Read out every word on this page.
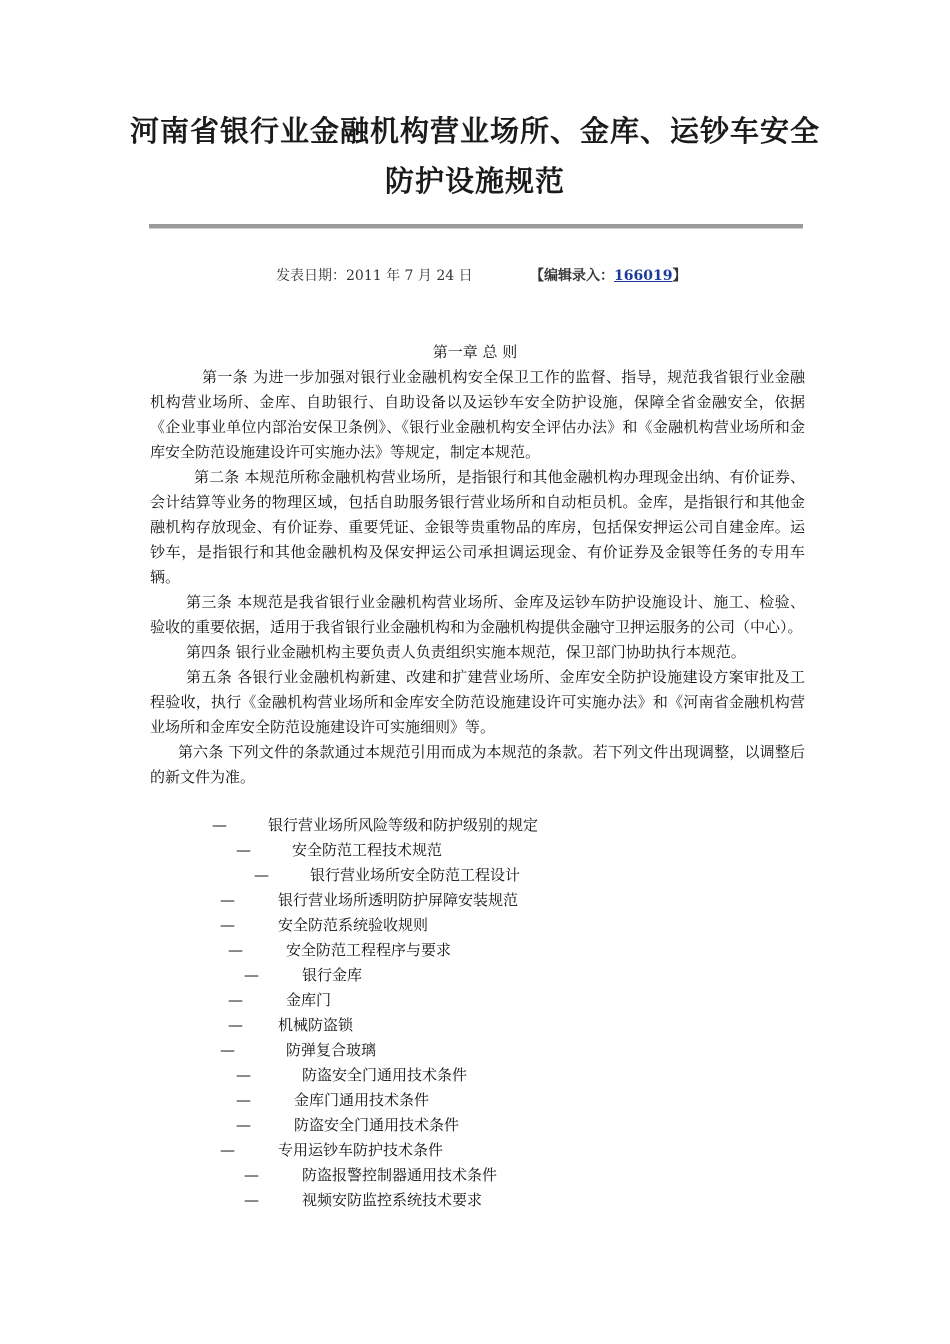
河南省银行业金融机构营业场所、金库、运钞车安全
防护设施规范
发表日期：2011 年 7 月 24 日	【编辑录入：166019】
第一章 总 则

第一条 为进一步加强对银行业金融机构安全保卫工作的监督、指导，规范我省银行业金融机构营业场所、金库、自助银行、自助设备以及运钞车安全防护设施，保障全省金融安全，依据《企业事业单位内部治安保卫条例》、《银行业金融机构安全评估办法》和《金融机构营业场所和金库安全防范设施建设许可实施办法》等规定，制定本规范。

第二条 本规范所称金融机构营业场所，是指银行和其他金融机构办理现金出纳、有价证券、会计结算等业务的物理区域，包括自助服务银行营业场所和自动柜员机。金库，是指银行和其他金融机构存放现金、有价证券、重要凭证、金银等贵重物品的库房，包括保安押运公司自建金库。运钞车，是指银行和其他金融机构及保安押运公司承担调运现金、有价证券及金银等任务的专用车辆。

第三条 本规范是我省银行业金融机构营业场所、金库及运钞车防护设施设计、施工、检验、验收的重要依据，适用于我省银行业金融机构和为金融机构提供金融守卫押运服务的公司（中心）。

第四条 银行业金融机构主要负责人负责组织实施本规范，保卫部门协助执行本规范。

第五条 各银行业金融机构新建、改建和扩建营业场所、金库安全防护设施建设方案审批及工程验收，执行《金融机构营业场所和金库安全防范设施建设许可实施办法》和《河南省金融机构营业场所和金库安全防范设施建设许可实施细则》等。

第六条 下列文件的条款通过本规范引用而成为本规范的条款。若下列文件出现调整，以调整后的新文件为准。

—	银行营业场所风险等级和防护级别的规定
—	安全防范工程技术规范
—	银行营业场所安全防范工程设计
—	银行营业场所透明防护屏障安装规范
—	安全防范系统验收规则
—	安全防范工程程序与要求
—	银行金库
—	金库门
— 机械防盗锁
—	防弹复合玻璃
—	防盗安全门通用技术条件
—	金库门通用技术条件
—	防盗安全门通用技术条件
—	专用运钞车防护技术条件
—	防盗报警控制器通用技术条件
—	视频安防监控系统技术要求
